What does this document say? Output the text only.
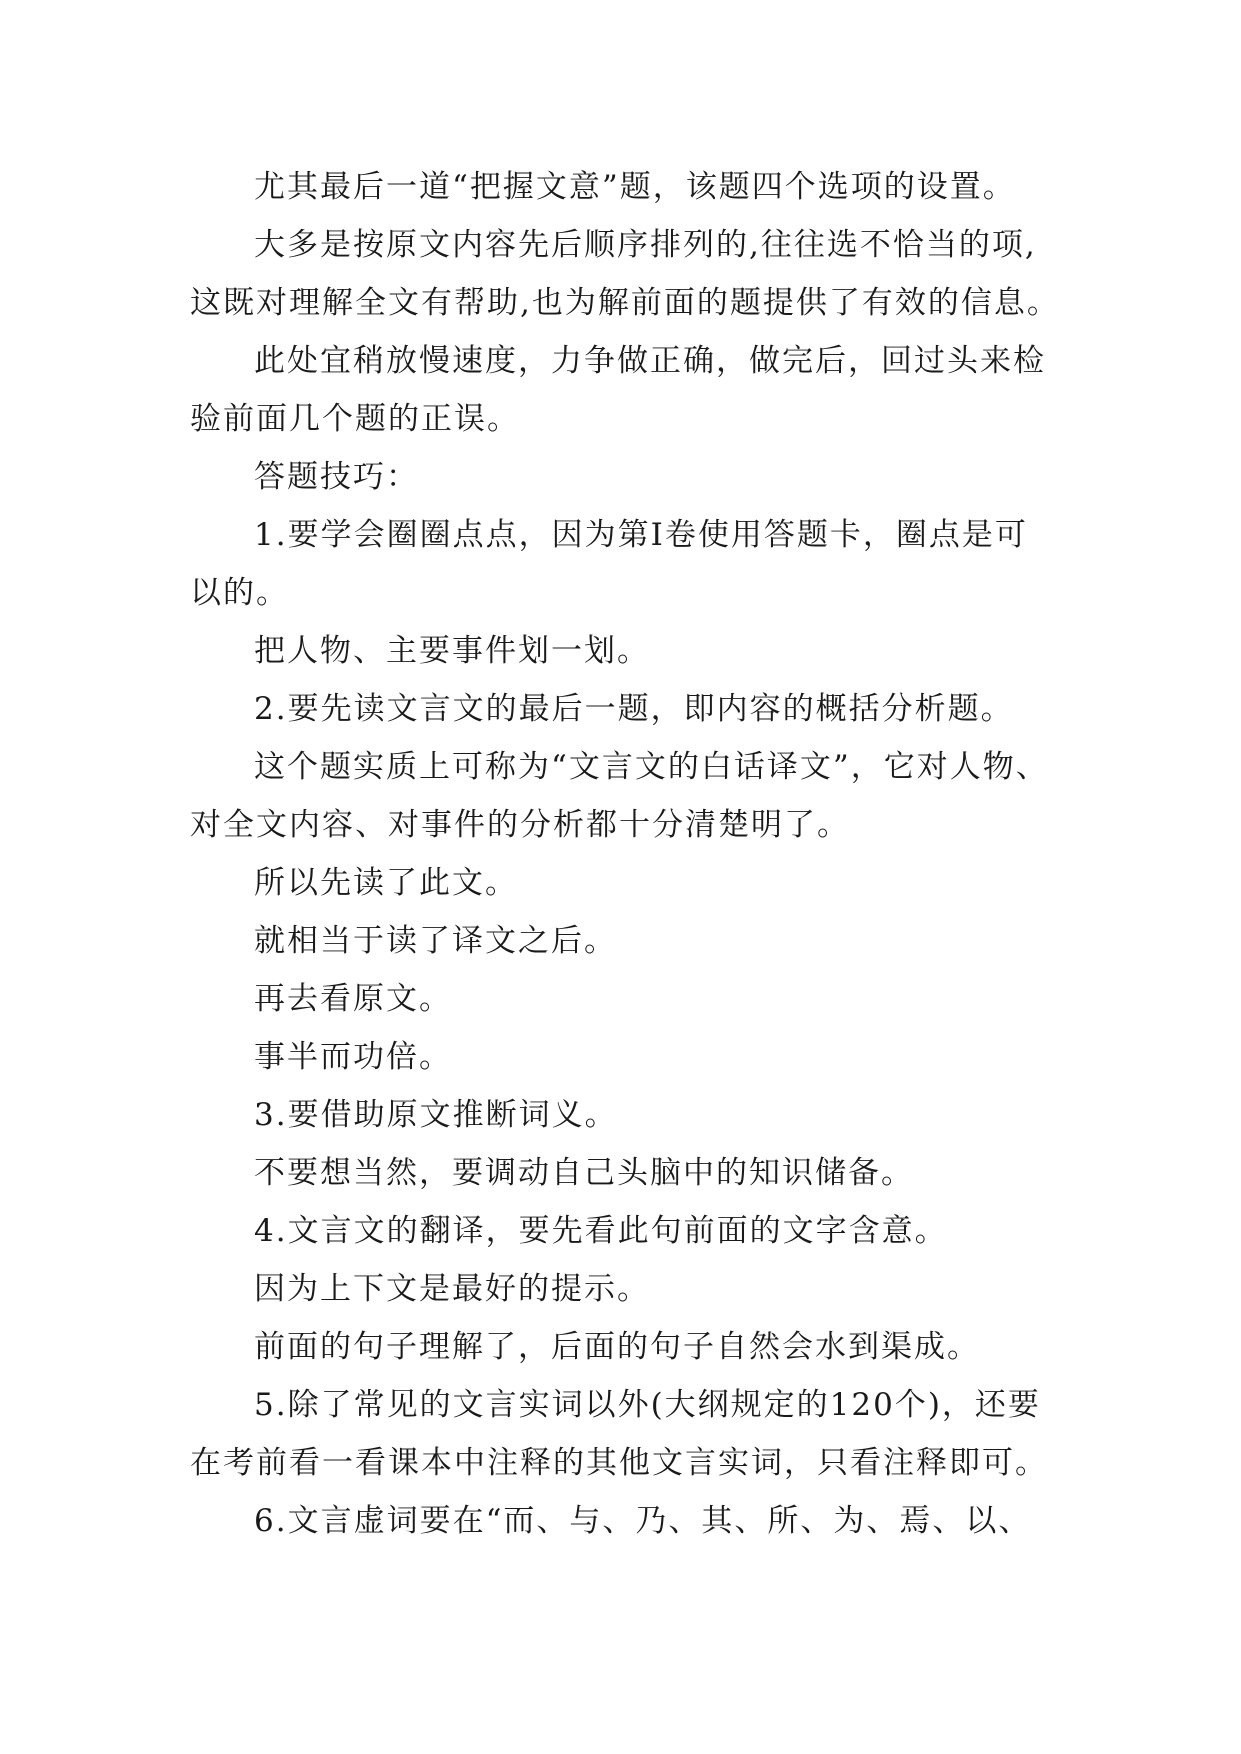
尤其最后一道“把握文意”题，该题四个选项的设置。

大多是按原文内容先后顺序排列的,往往选不恰当的项,
这既对理解全文有帮助,也为解前面的题提供了有效的信息。

此处宜稍放慢速度，力争做正确，做完后，回过头来检
验前面几个题的正误。

答题技巧：

1.要学会圈圈点点，因为第Ⅰ卷使用答题卡，圈点是可
以的。

把人物、主要事件划一划。

2.要先读文言文的最后一题，即内容的概括分析题。

这个题实质上可称为“文言文的白话译文”，它对人物、
对全文内容、对事件的分析都十分清楚明了。

所以先读了此文。

就相当于读了译文之后。

再去看原文。

事半而功倍。

3.要借助原文推断词义。

不要想当然，要调动自己头脑中的知识储备。

4.文言文的翻译，要先看此句前面的文字含意。

因为上下文是最好的提示。

前面的句子理解了，后面的句子自然会水到渠成。

5.除了常见的文言实词以外(大纲规定的120个)，还要
在考前看一看课本中注释的其他文言实词，只看注释即可。

6.文言虚词要在“而、与、乃、其、所、为、焉、以、
